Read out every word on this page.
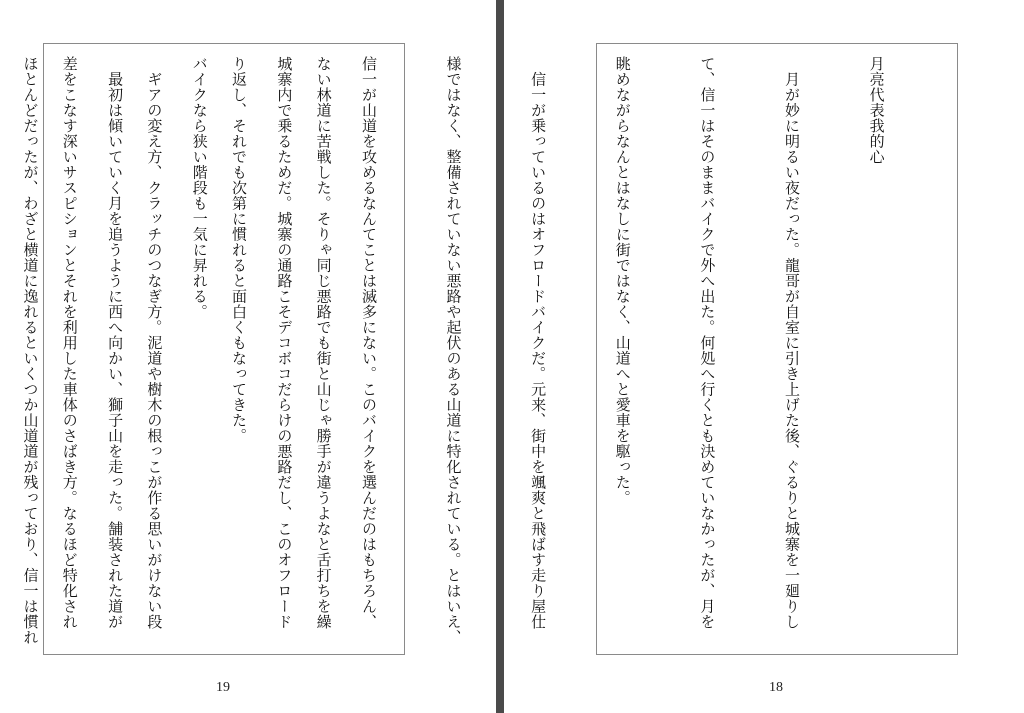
ない林道に苦戦した。そりゃ同じ悪路でも街と山じゃ勝手が違うよなと舌打ちを繰

り返し、それでも次第に慣れると面白くもなってきた。

　ギアの変え方、クラッチのつなぎ方。泥道や樹木の根っこが作る思いがけない段

差をこなす深いサスピションとそれを利用した車体のさばき方。なるほど特化され

19

月亮代表我的心

　月が妙に明るい夜だった。龍哥が自室に引き上げた後、ぐるりと城寨を一廻りし

て、信一はそのままバイクで外へ出た。何処へ行くとも決めていなかったが、月を

眺めながらなんとはなしに街ではなく、山道へと愛車を駆った。

　信一が乗っているのはオフロードバイクだ。元来、街中を颯爽と飛ばす走り屋仕

様ではなく、整備されていない悪路や起伏のある山道に特化されている。とはいえ、

信一が山道を攻めるなんてことは滅多にない。このバイクを選んだのはもちろん、

城寨内で乗るためだ。城寨の通路こそデコボコだらけの悪路だし、このオフロード

バイクなら狭い階段も一気に昇れる。

　最初は傾いていく月を追うように西へ向かい、獅子山を走った。舗装された道が

ほとんどだったが、わざと横道に逸れるといくつか山道道が残っており、信一は慣れ

18
